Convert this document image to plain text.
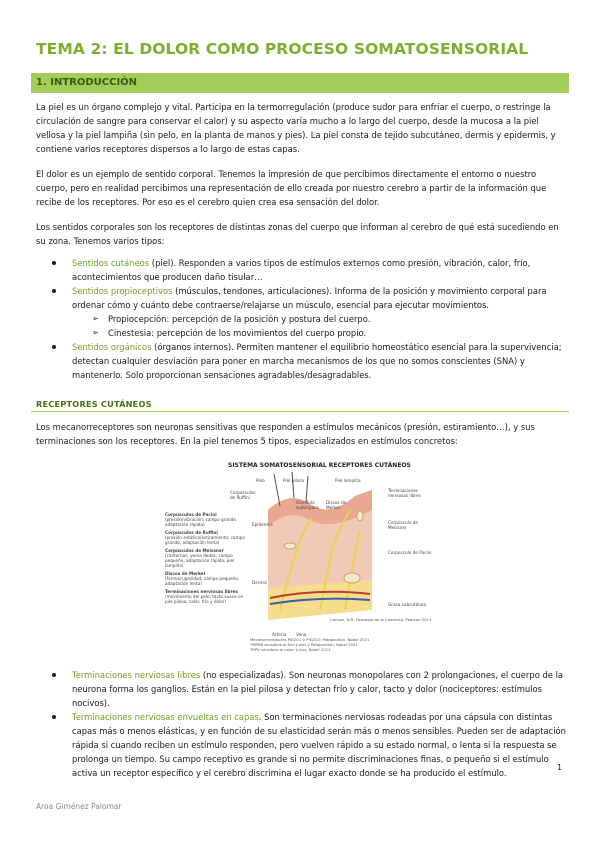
TEMA 2: EL DOLOR COMO PROCESO SOMATOSENSORIAL
1. INTRODUCCIÓN

La piel es un órgano complejo y vital. Participa en la termorregulación (produce sudor para enfriar el cuerpo, o restringe la circulación de sangre para conservar el calor) y su aspecto varía mucho a lo largo del cuerpo, desde la mucosa a la piel vellosa y la piel lampiña (sin pelo, en la planta de manos y pies). La piel consta de tejido subcutáneo, dermis y epidermis, y contiene varios receptores dispersos a lo largo de estas capas.

El dolor es un ejemplo de sentido corporal. Tenemos la impresión de que percibimos directamente el entorno o nuestro cuerpo, pero en realidad percibimos una representación de ello creada por nuestro cerebro a partir de la información que recibe de los receptores. Por eso es el cerebro quien crea esa sensación del dolor.

Los sentidos corporales son los receptores de distintas zonas del cuerpo que informan al cerebro de qué está sucediendo en su zona. Tenemos varios tipos:

Sentidos cutáneos (piel). Responden a varios tipos de estímulos externos como presión, vibración, calor, frío, acontecimientos que producen daño tisular…
Sentidos propioceptivos (músculos, tendones, articulaciones). Informa de la posición y movimiento corporal para ordenar cómo y cuánto debe contraerse/relajarse un músculo, esencial para ejecutar movimientos.
➢ Propiocepción: percepción de la posición y postura del cuerpo.
➢ Cinestesia: percepción de los movimientos del cuerpo propio.
Sentidos orgánicos (órganos internos). Permiten mantener el equilibrio homeostático esencial para la supervivencia; detectan cualquier desviación para poner en marcha mecanismos de los que no somos conscientes (SNA) y mantenerlo. Solo proporcionan sensaciones agradables/desagradables.
RECEPTORES CUTÁNEOS

Los mecanorreceptores son neuronas sensitivas que responden a estímulos mecánicos (presión, estiramiento…), y sus terminaciones son los receptores. En la piel tenemos 5 tipos, especializados en estímulos concretos:

SISTEMA SOMATOSENSORIAL RECEPTORES CUTÁNEOS
Pelo	Piel pilosa	Piel lampiña
Corpúsculos de Ruffini
Glándula sudorípara
Discos de Merkel
Terminaciones nerviosas libres
Corpúsculo de Meissner
Corpúsculo de Pacini
Grasa subcutánea
Epidermis
Dermis
Arteria Vena
Corpúsculos de Pacini
(presión/vibración; campo grande, adaptación rápida)
Corpúsculos de Ruffini
(presión estática/estiramiento; campo grande, adaptación lenta)
Corpúsculos de Meissner
(contornos, yema dedos; campo pequeño, adaptación rápida, piel lampiña)
Discos de Merkel
(forma/rugosidad; campo pequeño, adaptación lenta)
Terminaciones nerviosas libres
(movimiento del pelo, tacto suave en piel pilosa, calor, frío y dolor)
Carlson, N.R. Fisiología de la Conducta. Pearson 2014
Mecanorreceptores PIEZO1 y PIEZO2: Patapoutian, Nobel 2021
TRPM8 sensibles al frío: Julius y Patapoutian, Nobel 2021
TRPV sensibles al calor: Julius, Nobel 2021
Terminaciones nerviosas libres (no especializadas). Son neuronas monopolares con 2 prolongaciones, el cuerpo de la neurona forma los ganglios. Están en la piel pilosa y detectan frío y calor, tacto y dolor (nociceptores: estímulos nocivos).
Terminaciones nerviosas envueltas en capas. Son terminaciones nerviosas rodeadas por una cápsula con distintas capas más o menos elásticas, y en función de su elasticidad serán más o menos sensibles. Pueden ser de adaptación rápida si cuando reciben un estímulo responden, pero vuelven rápido a su estado normal, o lenta si la respuesta se prolonga un tiempo. Su campo receptivo es grande si no permite discriminaciones finas, o pequeño si el estímulo activa un receptor específico y el cerebro discrimina el lugar exacto donde se ha producido el estímulo.
1
Aroa Giménez Palomar
